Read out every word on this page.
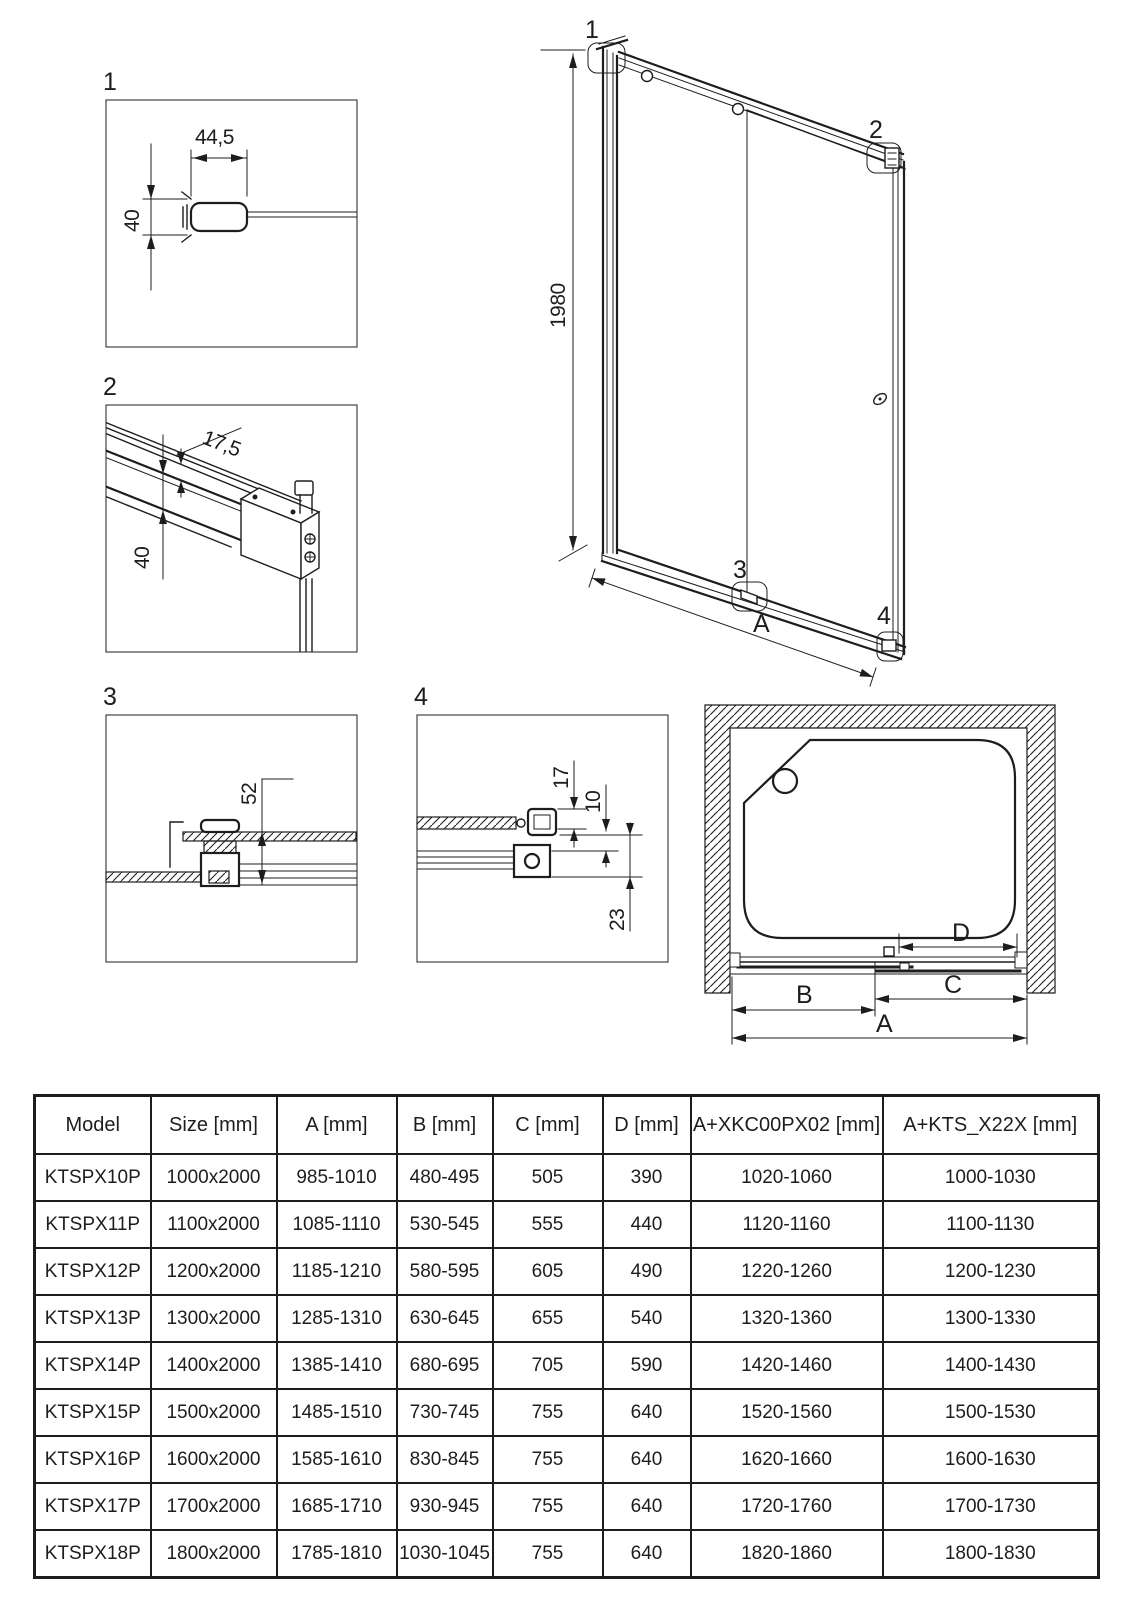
1
44,5
40
2
17,5
40
3
52
4
17
10
23
1980
1
2
3
4
A
D
C
B
A
Model	Size [mm]	A [mm]	B [mm]	C [mm]	D [mm]	A+XKC00PX02 [mm]	A+KTS_X22X [mm]
KTSPX10P	1000x2000	985-1010	480-495	505	390	1020-1060	1000-1030
KTSPX11P	1100x2000	1085-1110	530-545	555	440	1120-1160	1100-1130
KTSPX12P	1200x2000	1185-1210	580-595	605	490	1220-1260	1200-1230
KTSPX13P	1300x2000	1285-1310	630-645	655	540	1320-1360	1300-1330
KTSPX14P	1400x2000	1385-1410	680-695	705	590	1420-1460	1400-1430
KTSPX15P	1500x2000	1485-1510	730-745	755	640	1520-1560	1500-1530
KTSPX16P	1600x2000	1585-1610	830-845	755	640	1620-1660	1600-1630
KTSPX17P	1700x2000	1685-1710	930-945	755	640	1720-1760	1700-1730
KTSPX18P	1800x2000	1785-1810	1030-1045	755	640	1820-1860	1800-1830
